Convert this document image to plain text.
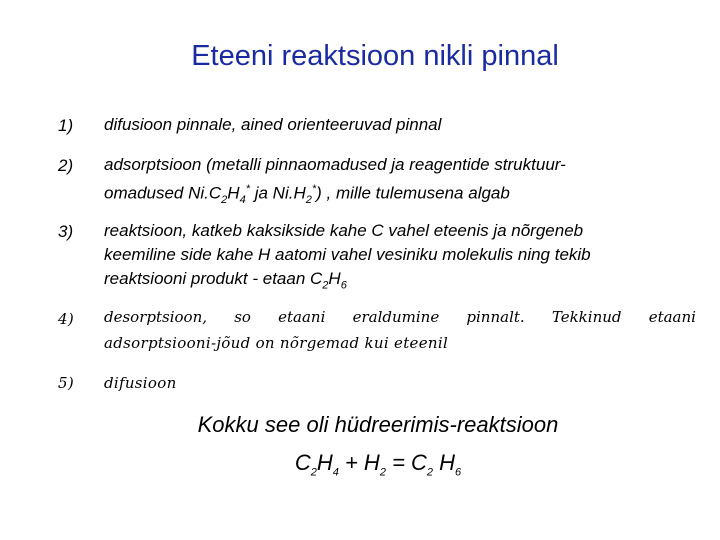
Eteeni reaktsioon nikli pinnal
1) difusioon pinnale, ained orienteeruvad pinnal
2) adsorptsioon (metalli pinnaomadused ja reagentide struktuur-
omadused $Ni.C_2H_4^*$ ja $Ni.H_2^*$) , mille tulemusena algab
3) reaktsioon, katkeb kaksikside kahe C vahel eteenis ja nõrgeneb
keemiline side kahe H aatomi vahel vesiniku molekulis ning tekib
reaktsiooni produkt - etaan $C_2H_6$
4) desorptsioon, so etaani eraldumine pinnalt. Tekkinud etaani
adsorptsiooni-jõud on nõrgemad kui eteenil
5) difusioon
Kokku see oli hüdreerimis-reaktsioon
$C_2H_4 + H_2 = C_2$ $H_6$
